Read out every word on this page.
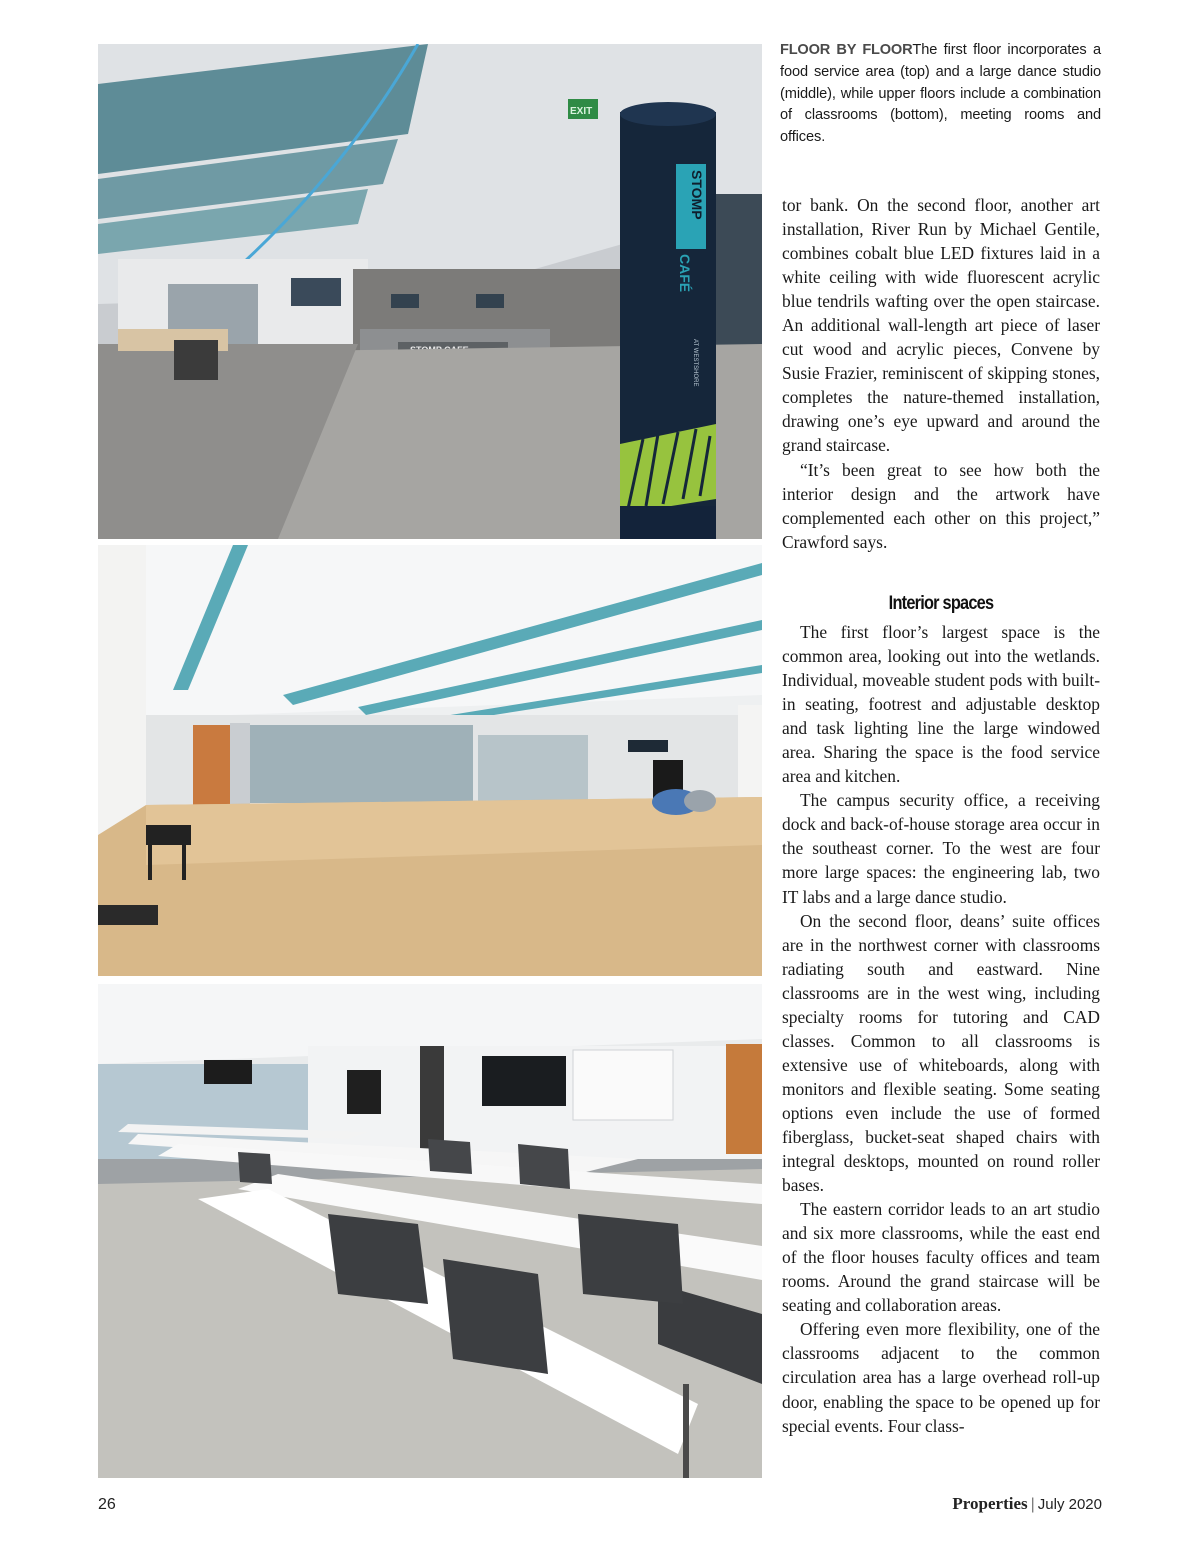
EXIT
STOMP
CAFÉ
AT WESTSHORE
FLOOR BY FLOORThe first floor incorporates a food service area (top) and a large dance studio (middle), while upper floors include a combination of classrooms (bottom), meeting rooms and offices.

tor bank. On the second floor, another art installation, River Run by Michael Gentile, combines cobalt blue LED fixtures laid in a white ceiling with wide fluorescent acrylic blue tendrils wafting over the open staircase. An additional wall-length art piece of laser cut wood and acrylic pieces, Convene by Susie Frazier, reminiscent of skipping stones, completes the nature-themed installation, drawing one’s eye upward and around the grand staircase.

“It’s been great to see how both the interior design and the artwork have complemented each other on this project,” Crawford says.

Interior spaces

The first floor’s largest space is the common area, looking out into the wetlands. Individual, moveable student pods with built-in seating, footrest and adjustable desktop and task lighting line the large windowed area. Sharing the space is the food service area and kitchen.

The campus security office, a receiving dock and back-of-house storage area occur in the southeast corner. To the west are four more large spaces: the engineering lab, two IT labs and a large dance studio.

On the second floor, deans’ suite offices are in the northwest corner with classrooms radiating south and eastward. Nine classrooms are in the west wing, including specialty rooms for tutoring and CAD classes. Common to all classrooms is extensive use of whiteboards, along with monitors and flexible seating. Some seating options even include the use of formed fiberglass, bucket-seat shaped chairs with integral desktops, mounted on round roller bases.

The eastern corridor leads to an art studio and six more classrooms, while the east end of the floor houses faculty offices and team rooms. Around the grand staircase will be seating and collaboration areas.

Offering even more flexibility, one of the classrooms adjacent to the common circulation area has a large overhead roll-up door, enabling the space to be opened up for special events. Four class-

26	Properties | July 2020
